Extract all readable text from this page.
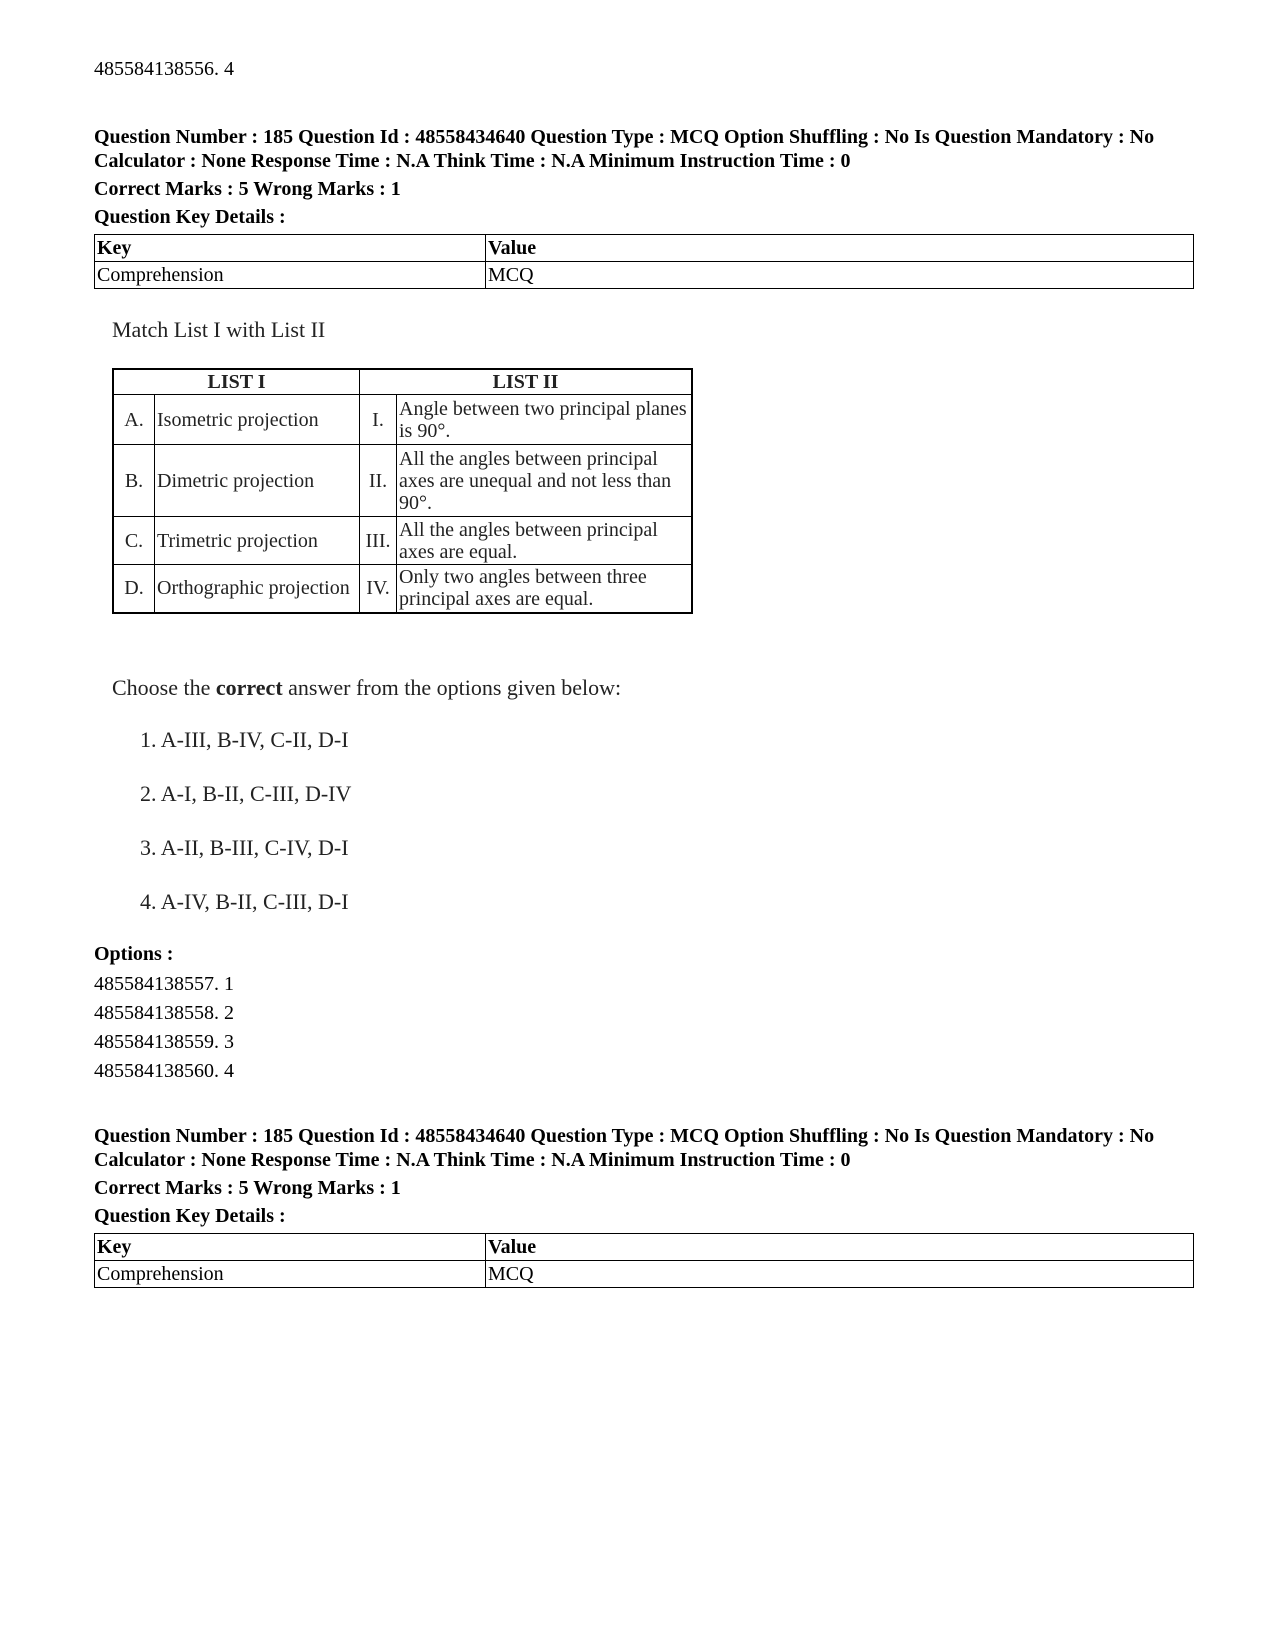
485584138556. 4
Question Number : 185 Question Id : 48558434640 Question Type : MCQ Option Shuffling : No Is Question Mandatory : No Calculator : None Response Time : N.A Think Time : N.A Minimum Instruction Time : 0
Correct Marks : 5 Wrong Marks : 1
Question Key Details :
Key	Value
Comprehension	MCQ
Match List I with List II
LIST I		LIST II	
A.	Isometric projection	I.	Angle between two principal planes is 90°.
B.	Dimetric projection	II.	All the angles between principal axes are unequal and not less than 90°.
C.	Trimetric projection	III.	All the angles between principal axes are equal.
D.	Orthographic projection	IV.	Only two angles between three principal axes are equal.
Choose the correct answer from the options given below:
1. A-III, B-IV, C-II, D-I
2. A-I, B-II, C-III, D-IV
3. A-II, B-III, C-IV, D-I
4. A-IV, B-II, C-III, D-I
Options :
485584138557. 1
485584138558. 2
485584138559. 3
485584138560. 4
Question Number : 185 Question Id : 48558434640 Question Type : MCQ Option Shuffling : No Is Question Mandatory : No Calculator : None Response Time : N.A Think Time : N.A Minimum Instruction Time : 0
Correct Marks : 5 Wrong Marks : 1
Question Key Details :
Key	Value
Comprehension	MCQ
